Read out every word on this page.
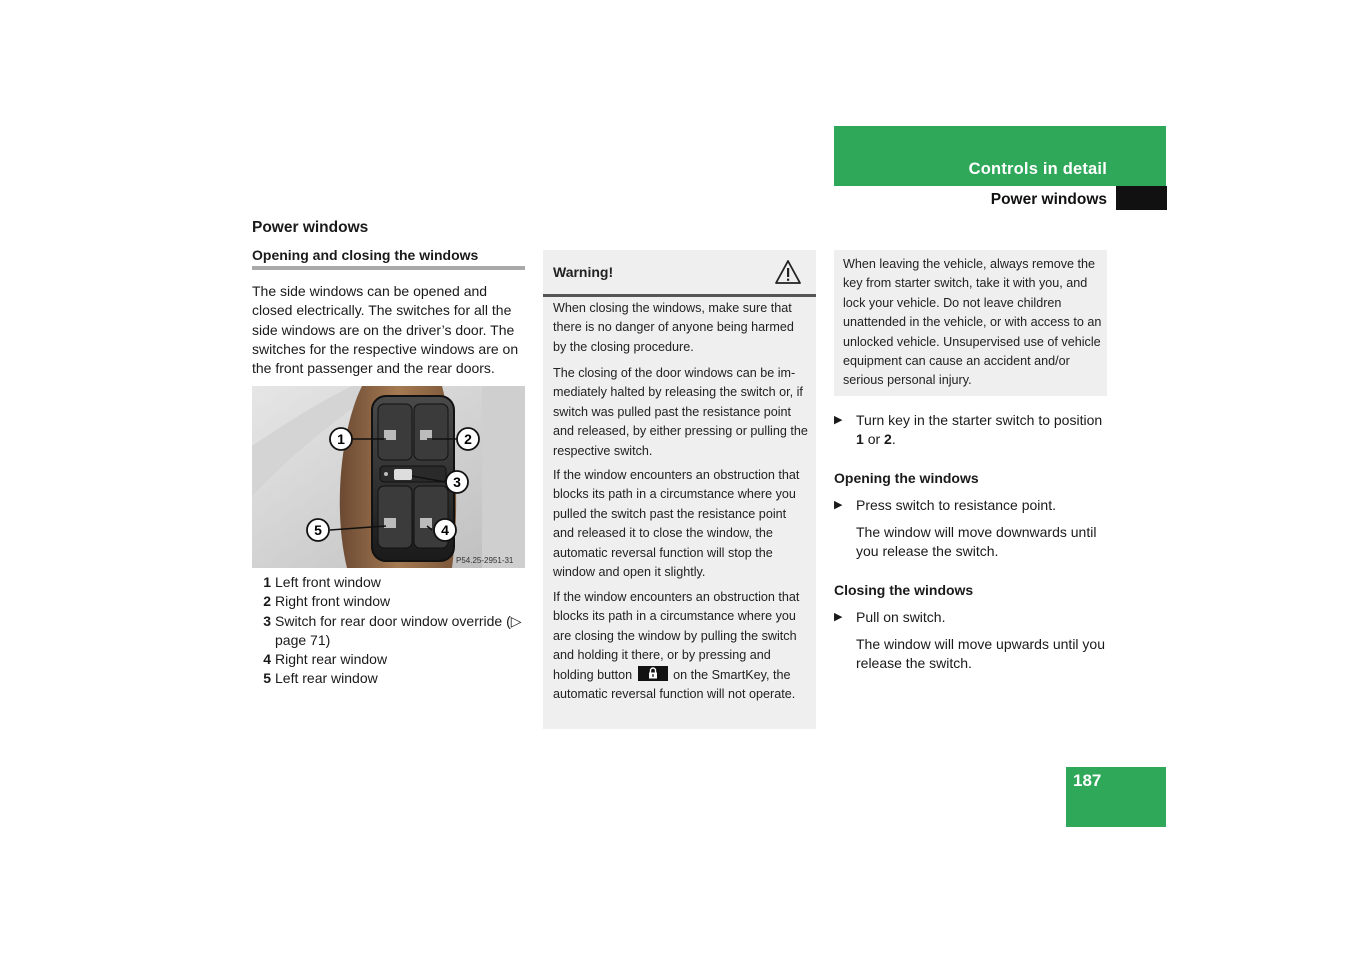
Controls in detail
Power windows
Power windows
Opening and closing the windows
The side windows can be opened and closed electrically. The switches for all the side windows are on the driver’s door. The switches for the respective windows are on the front passenger and the rear doors.
P54.25-2951-31
1	2
3
4
5
1 Left front window
2 Right front window
3 Switch for rear door window override (▷ page 71)
4 Right rear window
5 Left rear window
Warning!
When closing the windows, make sure that there is no danger of anyone being harmed by the closing procedure.
The closing of the door windows can be im-mediately halted by releasing the switch or, if switch was pulled past the resistance point and released, by either pressing or pulling the respective switch.
If the window encounters an obstruction that blocks its path in a circumstance where you pulled the switch past the resistance point and released it to close the window, the automatic reversal function will stop the window and open it slightly.
If the window encounters an obstruction that blocks its path in a circumstance where you are closing the window by pulling the switch and holding it there, or by pressing and holding button	on the SmartKey, the automatic reversal function will not operate.
When leaving the vehicle, always remove the key from starter switch, take it with you, and lock your vehicle. Do not leave children unattended in the vehicle, or with access to an unlocked vehicle. Unsupervised use of vehicle equipment can cause an accident and/or serious personal injury.
▶ Turn key in the starter switch to position 1 or 2.
Opening the windows
▶ Press switch to resistance point.
The window will move downwards until you release the switch.
Closing the windows
▶ Pull on switch.
The window will move upwards until you release the switch.
187
